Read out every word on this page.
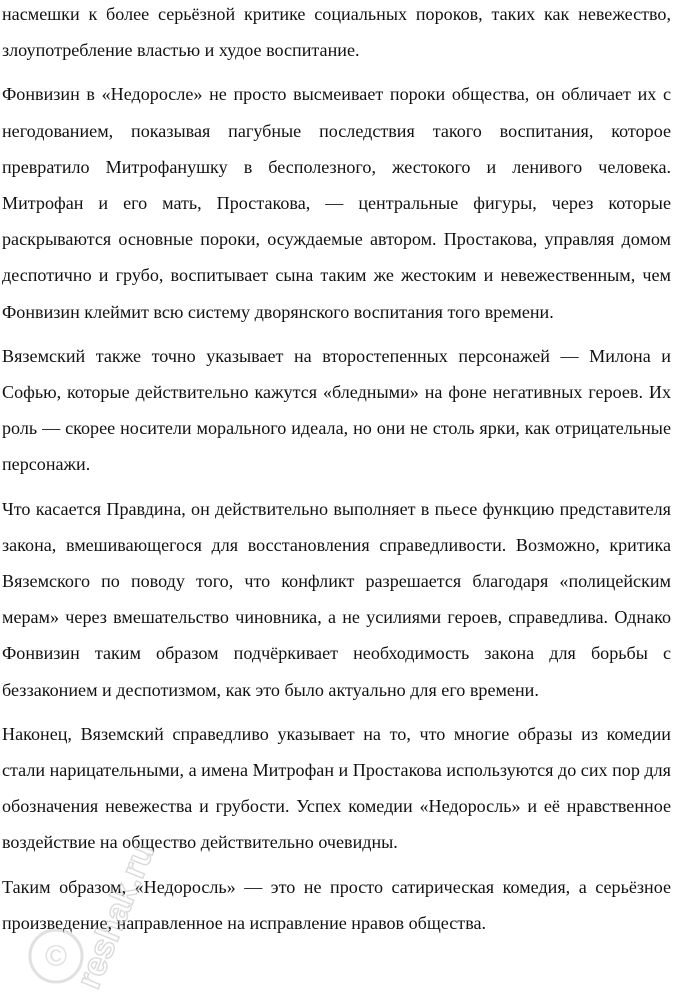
насмешки к более серьёзной критике социальных пороков, таких как невежество, злоупотребление властью и худое воспитание.

Фонвизин в «Недоросле» не просто высмеивает пороки общества, он обличает их с негодованием, показывая пагубные последствия такого воспитания, которое превратило Митрофанушку в бесполезного, жестокого и ленивого человека. Митрофан и его мать, Простакова, — центральные фигуры, через которые раскрываются основные пороки, осуждаемые автором. Простакова, управляя домом деспотично и грубо, воспитывает сына таким же жестоким и невежественным, чем Фонвизин клеймит всю систему дворянского воспитания того времени.

Вяземский также точно указывает на второстепенных персонажей — Милона и Софью, которые действительно кажутся «бледными» на фоне негативных героев. Их роль — скорее носители морального идеала, но они не столь ярки, как отрицательные персонажи.

Что касается Правдина, он действительно выполняет в пьесе функцию представителя закона, вмешивающегося для восстановления справедливости. Возможно, критика Вяземского по поводу того, что конфликт разрешается благодаря «полицейским мерам» через вмешательство чиновника, а не усилиями героев, справедлива. Однако Фонвизин таким образом подчёркивает необходимость закона для борьбы с беззаконием и деспотизмом, как это было актуально для его времени.

Наконец, Вяземский справедливо указывает на то, что многие образы из комедии стали нарицательными, а имена Митрофан и Простакова используются до сих пор для обозначения невежества и грубости. Успех комедии «Недоросль» и её нравственное воздействие на общество действительно очевидны.

Таким образом, «Недоросль» — это не просто сатирическая комедия, а серьёзное произведение, направленное на исправление нравов общества.

© reshak.ru
